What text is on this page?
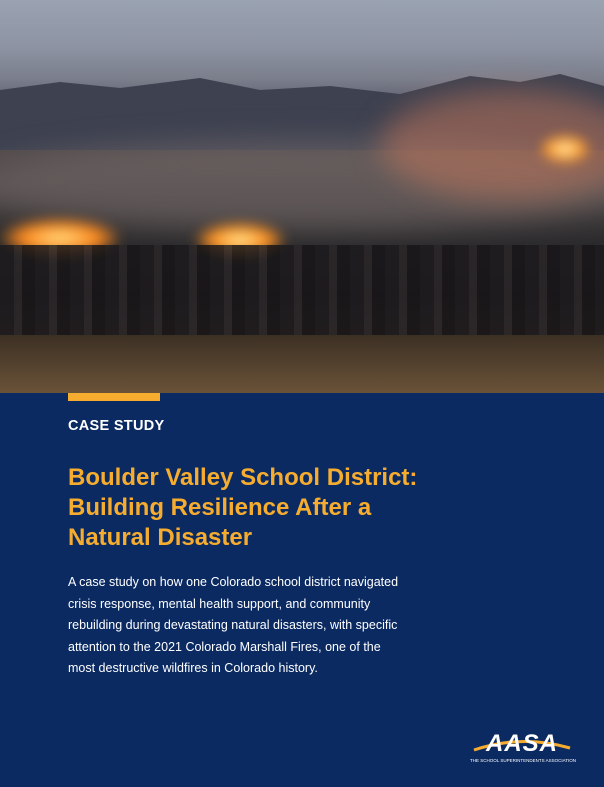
CASE STUDY
Boulder Valley School District: Building Resilience After a Natural Disaster

A case study on how one Colorado school district navigated crisis response, mental health support, and community rebuilding during devastating natural disasters, with specific attention to the 2021 Colorado Marshall Fires, one of the most destructive wildfires in Colorado history.

AASA
THE SCHOOL SUPERINTENDENTS ASSOCIATION
